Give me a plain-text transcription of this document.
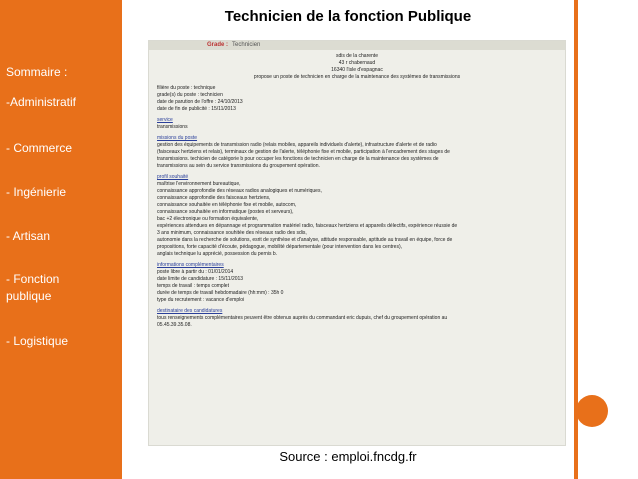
Sommaire :
-Administratif
- Commerce
- Ingénierie
- Artisan
- Fonction publique
- Logistique
Technicien de la fonction Publique
Grade : Technicien
sdis de la charente
43 r chabernaud
16340 l'isle d'espagnac
propose un poste de technicien en charge de la maintenance des systèmes de transmissions
filière du poste : technique
grade(s) du poste : technicien
date de parution de l'offre : 24/10/2013
date de fin de publicité : 15/11/2013
service
transmissions
missions du poste
gestion des équipements de transmission radio (relais mobiles, appareils individuels d'alerte), infrastructure d'alerte et de radio
(faisceaux hertziens et relais), terminaux de gestion de l'alerte, téléphonie fixe et mobile, participation à l'encadrement des stages de
transmissions. techicien de catégorie b pour occuper les fonctions de technicien en charge de la maintenance des systèmes de
transmissions au sein du service transmissions du groupement opération.
profil souhaité
maîtrise l'environnement bureautique,
connaissance approfondie des réseaux radios analogiques et numériques,
connaissance approfondie des faisceaux hertziens,
connaissance souhaitée en téléphonie fixe et mobile, autocom,
connaissance souhaitée en informatique (postes et serveurs),
bac +2 électronique ou formation équivalente,
expériences attendues en dépannage et programmation matériel radio, faisceaux hertziens et appareils délectifs, expérience réussie de
3 ans minimum, connaissance souhitée des réseaux radio des sdis,
autonomie dans la recherche de solutions, esrit de synthèse et d'analyse, attitude responsable, aptitude au travail en équipe, force de
propositions, forte capacité d'écoute, pédagogue, mobilité départementale (pour intervention dans les centres),
anglais technique lu apprécié, possession du pernis b.
informations complémentaires
poste libre à partir du : 01/01/2014
date limite de candidature : 15/11/2013
temps de travail : temps complet
durée de temps de travail hebdomadaire (hh:mm) : 35h 0
type du recrutement : vacance d'emploi
destinataire des candidatures
tous renseignements complémentaires peuvent être obtenus auprès du commandant eric dupuis, chef du groupement opération au
05.45.39.35.08.
Source : emploi.fncdg.fr
